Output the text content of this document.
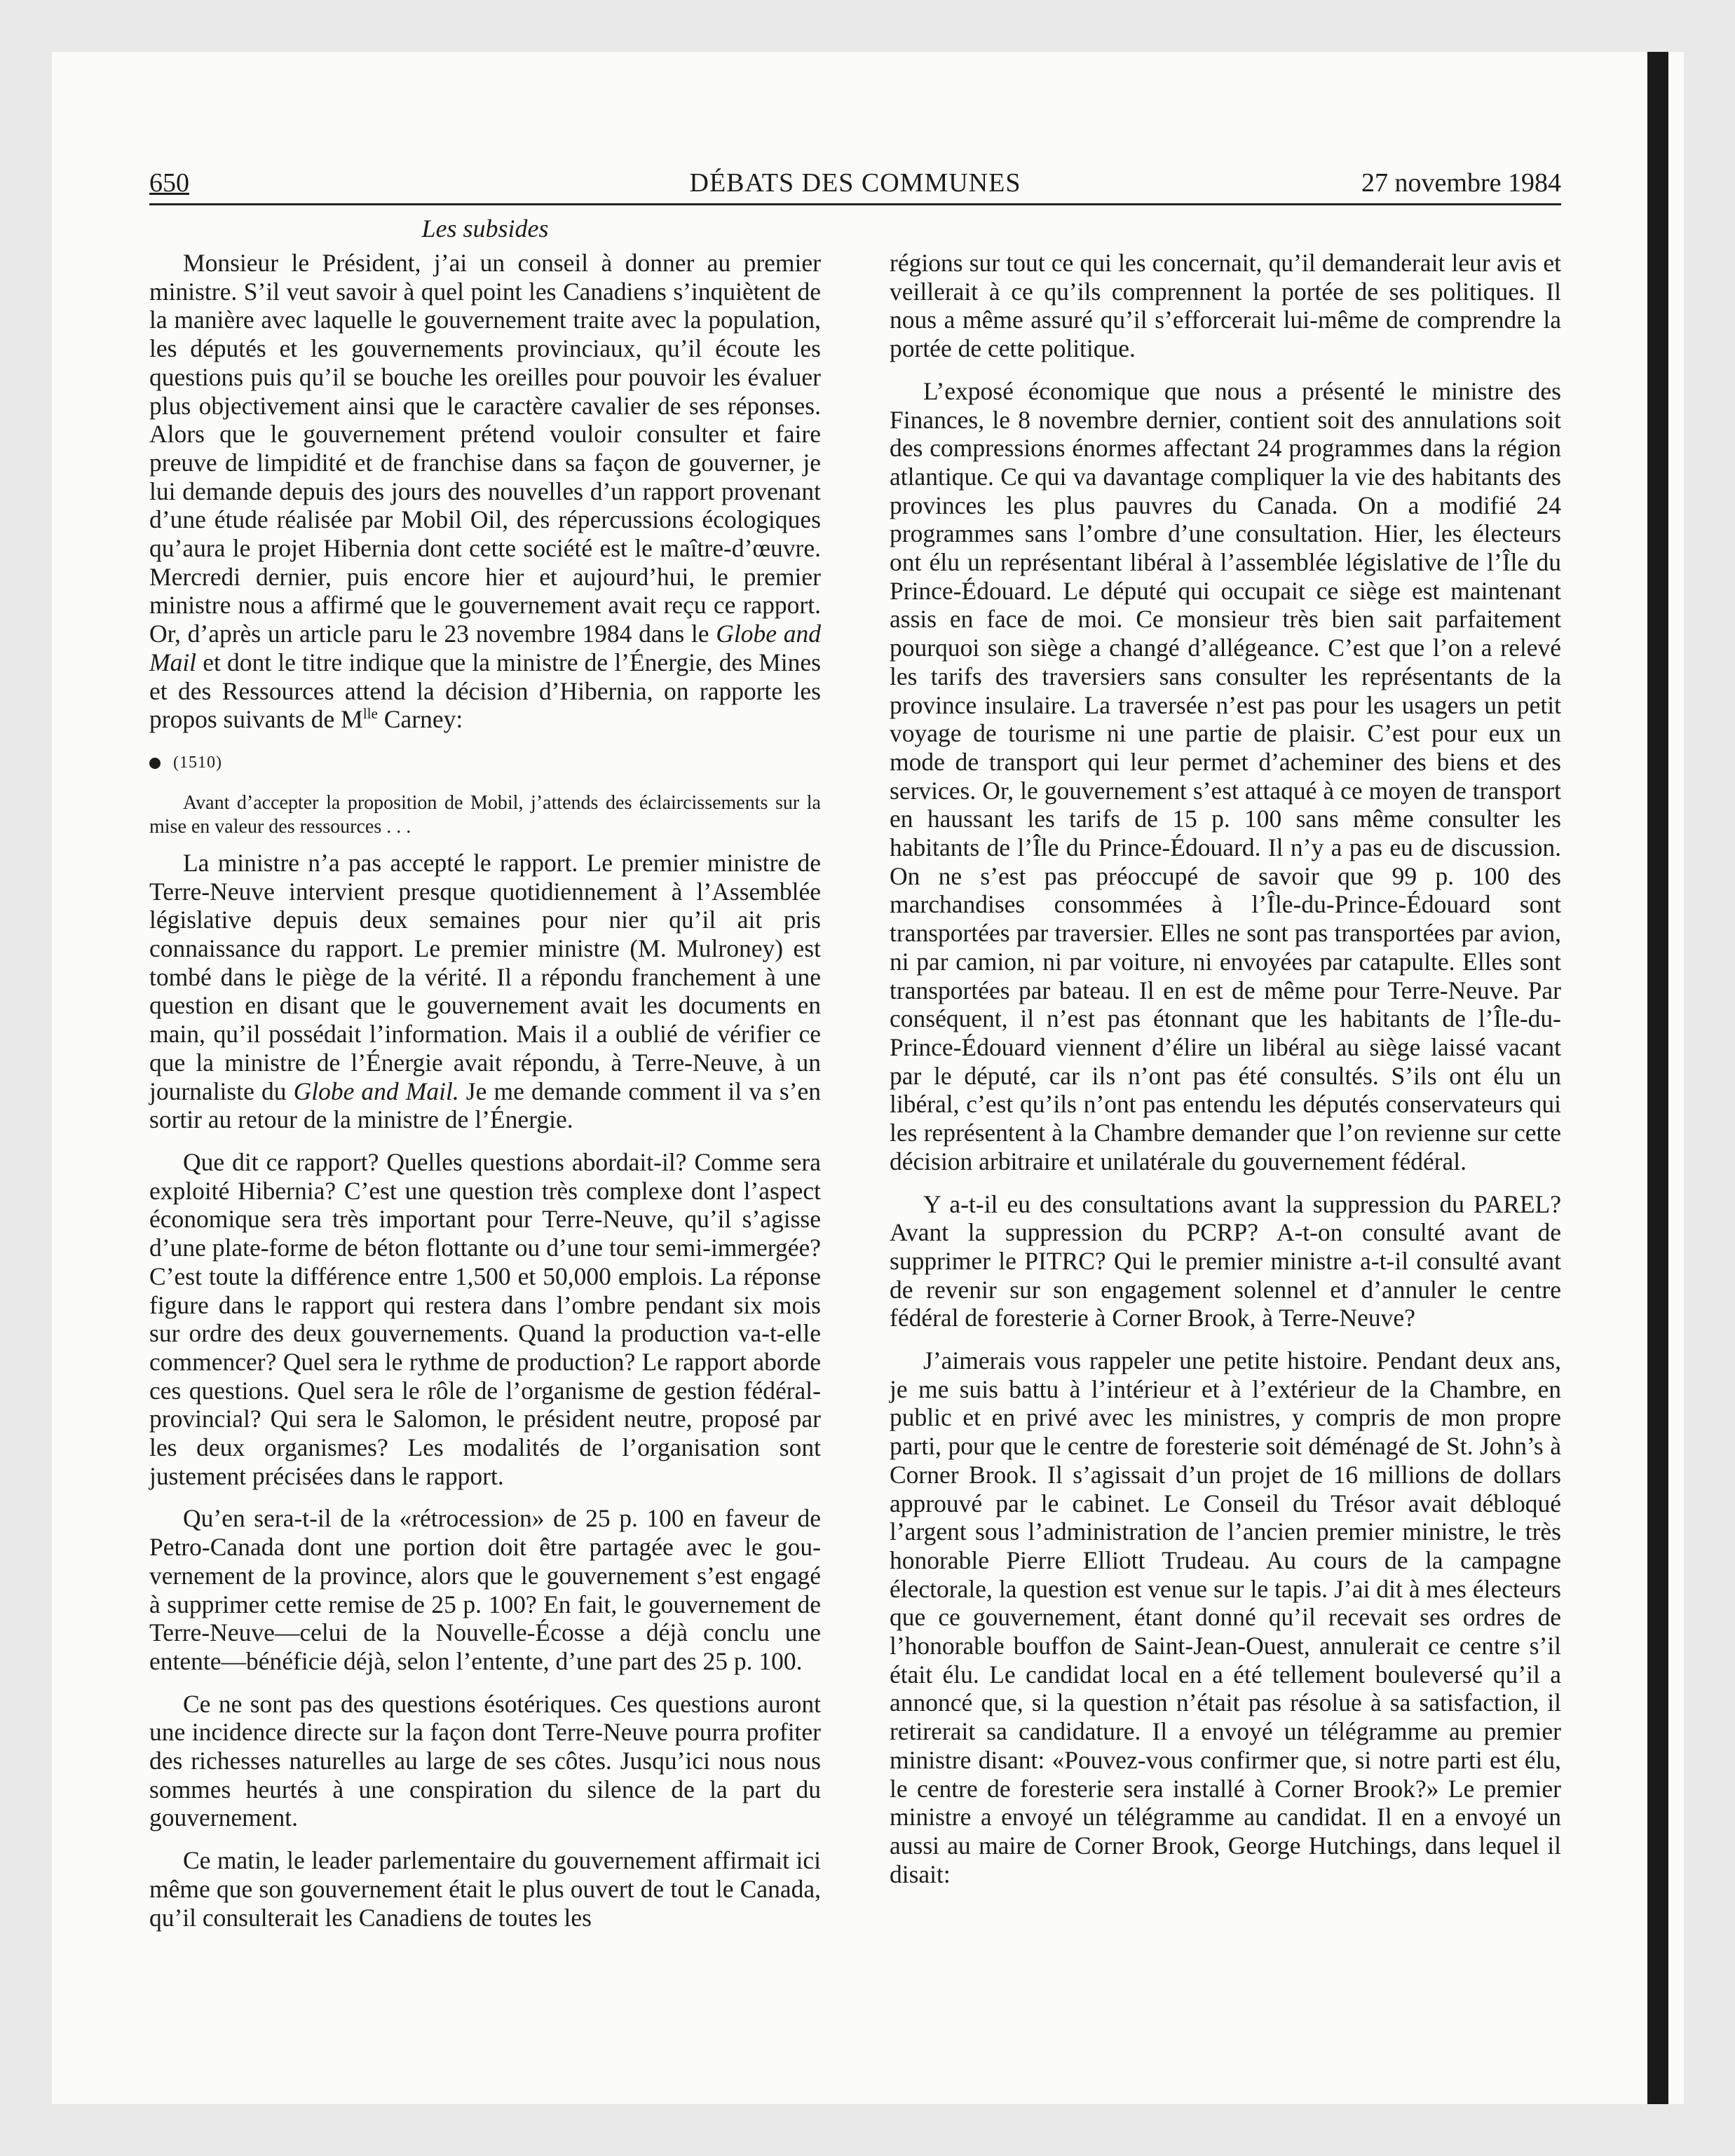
650	DÉBATS DES COMMUNES	27 novembre 1984
Les subsides

Monsieur le Président, j’ai un conseil à donner au premier ministre. S’il veut savoir à quel point les Canadiens s’inquiètent de la manière avec laquelle le gouvernement traite avec la population, les députés et les gouvernements provinciaux, qu’il écoute les questions puis qu’il se bouche les oreilles pour pouvoir les évaluer plus objectivement ainsi que le caractère cavalier de ses réponses. Alors que le gouvernement prétend vouloir consulter et faire preuve de limpidité et de franchise dans sa façon de gouverner, je lui demande depuis des jours des nouvelles d’un rapport provenant d’une étude réalisée par Mobil Oil, des répercussions écologiques qu’aura le projet Hibernia dont cette société est le maître-d’œuvre. Mercredi dernier, puis encore hier et aujourd’hui, le premier ministre nous a affirmé que le gouvernement avait reçu ce rapport. Or, d’après un article paru le 23 novembre 1984 dans le Globe and Mail et dont le titre indique que la ministre de l’Énergie, des Mines et des Ressources attend la décision d’Hibernia, on rapporte les propos suivants de $M^{lle}$ Carney:

(1510)
Avant d’accepter la proposition de Mobil, j’attends des éclaircissements sur la mise en valeur des ressources . . .

La ministre n’a pas accepté le rapport. Le premier ministre de Terre-Neuve intervient presque quotidiennement à l’Assemblée législative depuis deux semaines pour nier qu’il ait pris connaissance du rapport. Le premier ministre (M. Mulroney) est tombé dans le piège de la vérité. Il a répondu franchement à une question en disant que le gouvernement avait les documents en main, qu’il possédait l’information. Mais il a oublié de vérifier ce que la ministre de l’Énergie avait répondu, à Terre-Neuve, à un journaliste du Globe and Mail. Je me demande comment il va s’en sortir au retour de la ministre de l’Énergie.

Que dit ce rapport? Quelles questions abordait-il? Comme sera exploité Hibernia? C’est une question très complexe dont l’aspect économique sera très important pour Terre-Neuve, qu’il s’agisse d’une plate-forme de béton flottante ou d’une tour semi-immergée? C’est toute la différence entre 1,500 et 50,000 emplois. La réponse figure dans le rapport qui restera dans l’ombre pendant six mois sur ordre des deux gouvernements. Quand la production va-t-elle commencer? Quel sera le rythme de production? Le rapport aborde ces questions. Quel sera le rôle de l’organisme de gestion fédéral-provincial? Qui sera le Salomon, le président neutre, proposé par les deux organismes? Les modalités de l’organisation sont justement précisées dans le rapport.

Qu’en sera-t-il de la «rétrocession» de 25 p. 100 en faveur de Petro-Canada dont une portion doit être partagée avec le gouvernement de la province, alors que le gouvernement s’est engagé à supprimer cette remise de 25 p. 100? En fait, le gouvernement de Terre-Neuve—celui de la Nouvelle-Écosse a déjà conclu une entente—bénéficie déjà, selon l’entente, d’une part des 25 p. 100.

Ce ne sont pas des questions ésotériques. Ces questions auront une incidence directe sur la façon dont Terre-Neuve pourra profiter des richesses naturelles au large de ses côtes. Jusqu’ici nous nous sommes heurtés à une conspiration du silence de la part du gouvernement.

Ce matin, le leader parlementaire du gouvernement affirmait ici même que son gouvernement était le plus ouvert de tout le Canada, qu’il consulterait les Canadiens de toutes les

régions sur tout ce qui les concernait, qu’il demanderait leur avis et veillerait à ce qu’ils comprennent la portée de ses politiques. Il nous a même assuré qu’il s’efforcerait lui-même de comprendre la portée de cette politique.

L’exposé économique que nous a présenté le ministre des Finances, le 8 novembre dernier, contient soit des annulations soit des compressions énormes affectant 24 programmes dans la région atlantique. Ce qui va davantage compliquer la vie des habitants des provinces les plus pauvres du Canada. On a modifié 24 programmes sans l’ombre d’une consultation. Hier, les électeurs ont élu un représentant libéral à l’assemblée législative de l’Île du Prince-Édouard. Le député qui occupait ce siège est maintenant assis en face de moi. Ce monsieur très bien sait parfaitement pourquoi son siège a changé d’allégeance. C’est que l’on a relevé les tarifs des traversiers sans consulter les représentants de la province insulaire. La traversée n’est pas pour les usagers un petit voyage de tourisme ni une partie de plaisir. C’est pour eux un mode de transport qui leur permet d’acheminer des biens et des services. Or, le gouvernement s’est attaqué à ce moyen de transport en haussant les tarifs de 15 p. 100 sans même consulter les habitants de l’Île du Prince-Édouard. Il n’y a pas eu de discussion. On ne s’est pas préoccupé de savoir que 99 p. 100 des marchandises consommées à l’Île-du-Prince-Édouard sont transportées par traversier. Elles ne sont pas transportées par avion, ni par camion, ni par voiture, ni envoyées par catapulte. Elles sont transportées par bateau. Il en est de même pour Terre-Neuve. Par conséquent, il n’est pas étonnant que les habitants de l’Île-du-Prince-Édouard viennent d’élire un libéral au siège laissé vacant par le député, car ils n’ont pas été consultés. S’ils ont élu un libéral, c’est qu’ils n’ont pas entendu les députés conservateurs qui les représentent à la Chambre demander que l’on revienne sur cette décision arbitraire et unilatérale du gouvernement fédéral.

Y a-t-il eu des consultations avant la suppression du PAREL? Avant la suppression du PCRP? A-t-on consulté avant de supprimer le PITRC? Qui le premier ministre a-t-il consulté avant de revenir sur son engagement solennel et d’annuler le centre fédéral de foresterie à Corner Brook, à Terre-Neuve?

J’aimerais vous rappeler une petite histoire. Pendant deux ans, je me suis battu à l’intérieur et à l’extérieur de la Chambre, en public et en privé avec les ministres, y compris de mon propre parti, pour que le centre de foresterie soit déménagé de St. John’s à Corner Brook. Il s’agissait d’un projet de 16 millions de dollars approuvé par le cabinet. Le Conseil du Trésor avait débloqué l’argent sous l’administration de l’ancien premier ministre, le très honorable Pierre Elliott Trudeau. Au cours de la campagne électorale, la question est venue sur le tapis. J’ai dit à mes électeurs que ce gouvernement, étant donné qu’il recevait ses ordres de l’honorable bouffon de Saint-Jean-Ouest, annulerait ce centre s’il était élu. Le candidat local en a été tellement bouleversé qu’il a annoncé que, si la question n’était pas résolue à sa satisfaction, il retirerait sa candidature. Il a envoyé un télégramme au premier ministre disant: «Pouvez-vous confirmer que, si notre parti est élu, le centre de foresterie sera installé à Corner Brook?» Le premier ministre a envoyé un télégramme au candidat. Il en a envoyé un aussi au maire de Corner Brook, George Hutchings, dans lequel il disait:
